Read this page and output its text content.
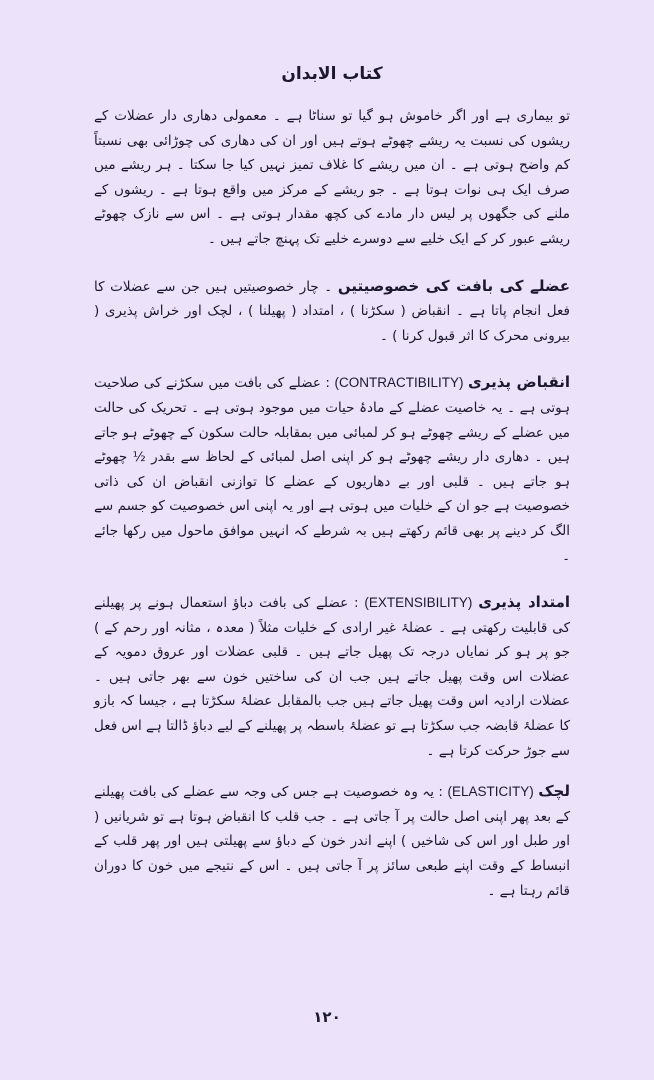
کتاب الابدان

تو بیماری ہے اور اگر خاموش ہو گیا تو سناٹا ہے ۔ معمولی دھاری دار عضلات کے ریشوں کی نسبت یہ ریشے چھوٹے ہوتے ہیں اور ان کی دھاری کی چوڑائی بھی نسبتاً کم واضح ہوتی ہے ۔ ان میں ریشے کا غلاف تمیز نہیں کیا جا سکتا ۔ ہر ریشے میں صرف ایک ہی نوات ہوتا ہے ۔ جو ریشے کے مرکز میں واقع ہوتا ہے ۔ ریشوں کے ملنے کی جگھوں پر لیس دار مادے کی کچھ مقدار ہوتی ہے ۔ اس سے نازک چھوٹے ریشے عبور کر کے ایک خلیے سے دوسرے خلیے تک پہنچ جاتے ہیں ۔

عضلے کی بافت کی خصوصیتیں ۔ چار خصوصیتیں ہیں جن سے عضلات کا فعل انجام پاتا ہے ۔ انقباض ( سکڑنا ) ، امتداد ( پھیلنا ) ، لچک اور خراش پذیری ( بیرونی محرک کا اثر قبول کرنا ) ۔

انقباض پذیری (CONTRACTIBILITY) : عضلے کی بافت میں سکڑنے کی صلاحیت ہوتی ہے ۔ یہ خاصیت عضلے کے مادۂ حیات میں موجود ہوتی ہے ۔ تحریک کی حالت میں عضلے کے ریشے چھوٹے ہو کر لمبائی میں بمقابلہ حالت سکون کے چھوٹے ہو جاتے ہیں ۔ دھاری دار ریشے چھوٹے ہو کر اپنی اصل لمبائی کے لحاظ سے بقدر ½ چھوٹے ہو جاتے ہیں ۔ قلبی اور بے دھاریوں کے عضلے کا توازنی انقباض ان کی ذاتی خصوصیت ہے جو ان کے خلیات میں ہوتی ہے اور یہ اپنی اس خصوصیت کو جسم سے الگ کر دینے پر بھی قائم رکھتے ہیں بہ شرطے کہ انہیں موافق ماحول میں رکھا جائے ۔

امتداد پذیری (EXTENSIBILITY) : عضلے کی بافت دباؤ استعمال ہونے پر پھیلنے کی قابلیت رکھتی ہے ۔ عضلۂ غیر ارادی کے خلیات مثلاً ( معدہ ، مثانہ اور رحم کے ) جو پر ہو کر نمایاں درجہ تک پھیل جاتے ہیں ۔ قلبی عضلات اور عروق دمویہ کے عضلات اس وقت پھیل جاتے ہیں جب ان کی ساختیں خون سے بھر جاتی ہیں ۔ عضلات ارادیہ اس وقت پھیل جاتے ہیں جب بالمقابل عضلۂ سکڑتا ہے ، جیسا کہ بازو کا عضلۂ قابضہ جب سکڑتا ہے تو عضلۂ باسطہ پر پھیلنے کے لیے دباؤ ڈالتا ہے اس فعل سے جوڑ حرکت کرتا ہے ۔

لچک (ELASTICITY) : یہ وہ خصوصیت ہے جس کی وجہ سے عضلے کی بافت پھیلنے کے بعد پھر اپنی اصل حالت پر آ جاتی ہے ۔ جب قلب کا انقباض ہوتا ہے تو شریانیں ( اور طبل اور اس کی شاخیں ) اپنے اندر خون کے دباؤ سے پھیلتی ہیں اور پھر قلب کے انبساط کے وقت اپنے طبعی سائز پر آ جاتی ہیں ۔ اس کے نتیجے میں خون کا دوران قائم رہتا ہے ۔

۱۲۰
